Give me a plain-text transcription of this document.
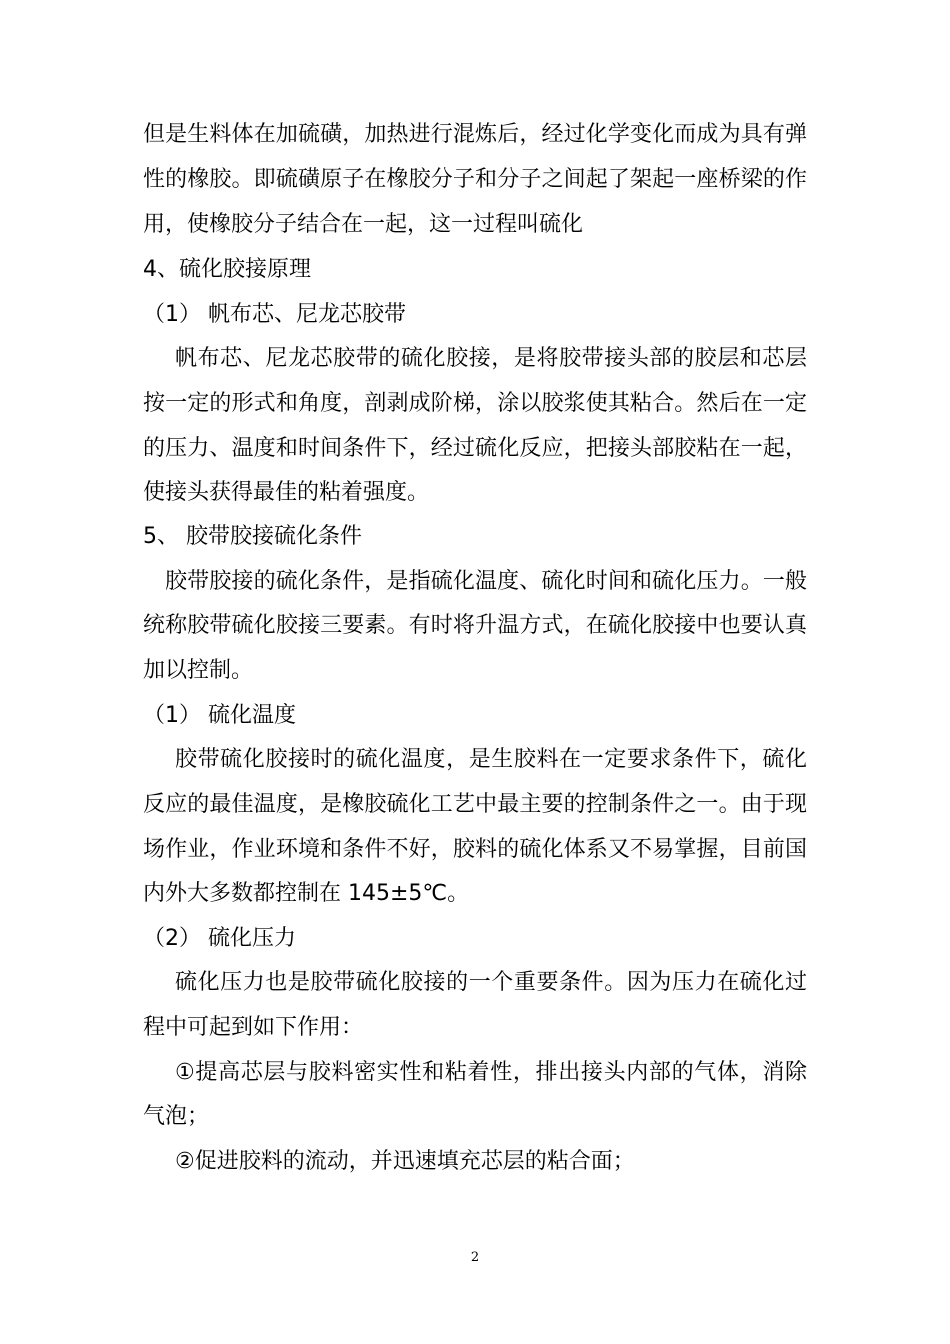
但是生料体在加硫磺，加热进行混炼后，经过化学变化而成为具有弹
性的橡胶。即硫磺原子在橡胶分子和分子之间起了架起一座桥梁的作
用，使橡胶分子结合在一起，这一过程叫硫化
4、硫化胶接原理
（1） 帆布芯、尼龙芯胶带
帆布芯、尼龙芯胶带的硫化胶接，是将胶带接头部的胶层和芯层
按一定的形式和角度，剖剥成阶梯，涂以胶浆使其粘合。然后在一定
的压力、温度和时间条件下，经过硫化反应，把接头部胶粘在一起，
使接头获得最佳的粘着强度。
5、 胶带胶接硫化条件
胶带胶接的硫化条件，是指硫化温度、硫化时间和硫化压力。一般
统称胶带硫化胶接三要素。有时将升温方式，在硫化胶接中也要认真
加以控制。
（1） 硫化温度
胶带硫化胶接时的硫化温度，是生胶料在一定要求条件下，硫化
反应的最佳温度，是橡胶硫化工艺中最主要的控制条件之一。由于现
场作业，作业环境和条件不好，胶料的硫化体系又不易掌握，目前国
内外大多数都控制在 145±5℃。
（2） 硫化压力
硫化压力也是胶带硫化胶接的一个重要条件。因为压力在硫化过
程中可起到如下作用：
①提高芯层与胶料密实性和粘着性，排出接头内部的气体，消除
气泡；
②促进胶料的流动，并迅速填充芯层的粘合面；
2
